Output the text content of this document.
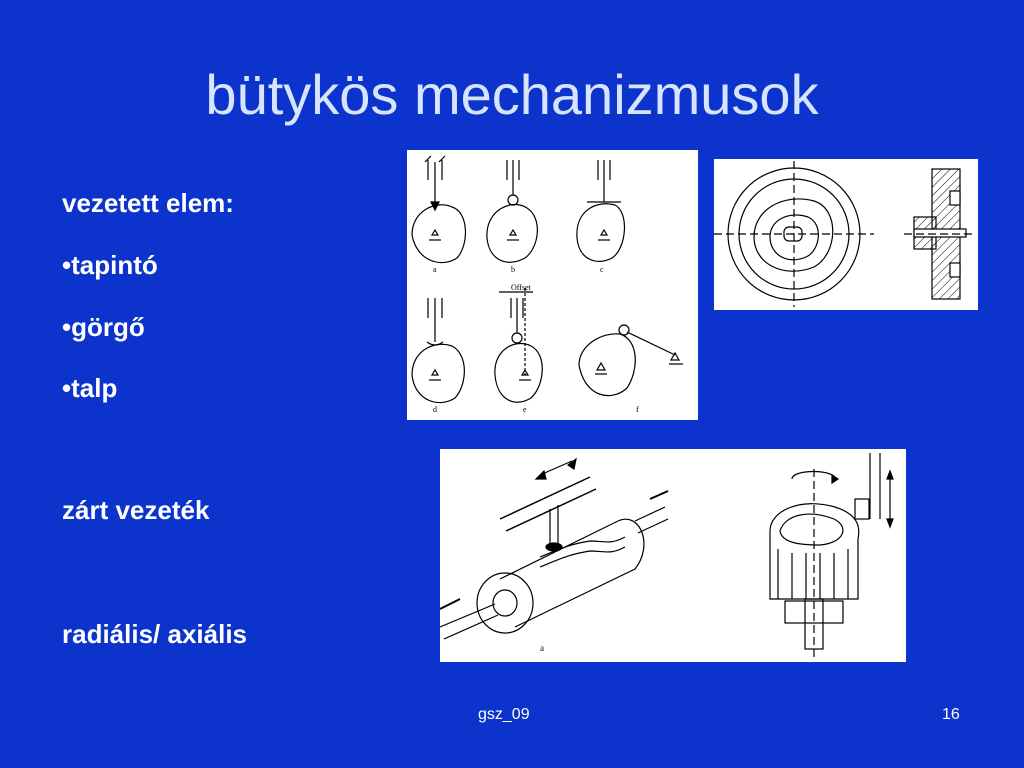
bütykös mechanizmusok
vezetett elem:
•tapintó
•görgő
•talp
zárt vezeték
radiális/ axiális
a	b	c
d	e	f
Offset
a
gsz_09	16
